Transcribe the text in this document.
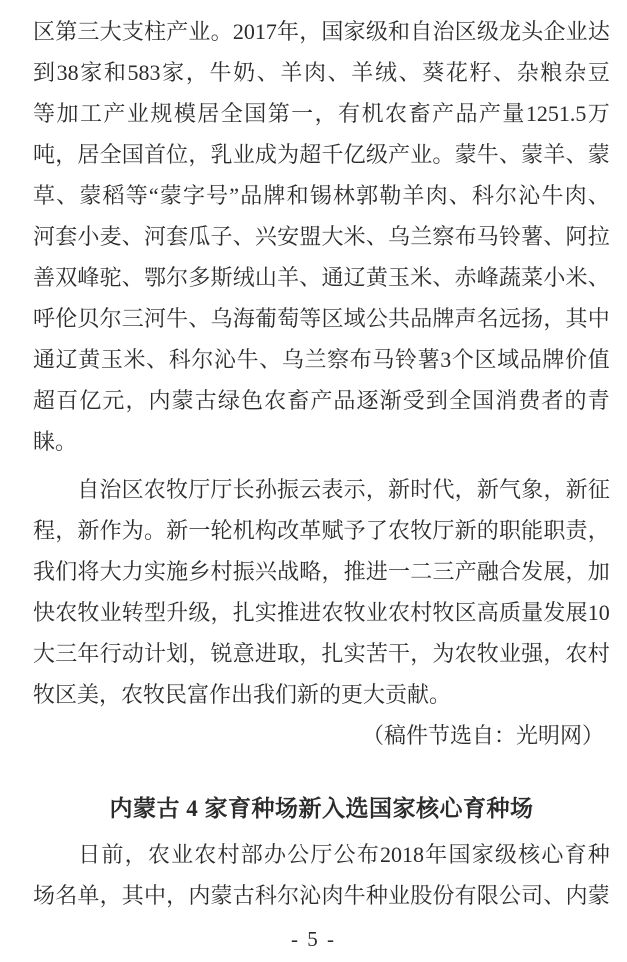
区 第 三 大 支 柱 产 业 。 2017 年 ， 国 家 级 和 自 治 区 级 龙 头 企 业 达
到 38 家 和 583 家 ， 牛 奶 、 羊 肉 、 羊 绒 、 葵 花 籽 、 杂 粮 杂 豆
等 加 工 产 业 规 模 居 全 国 第 一 ， 有 机 农 畜 产 品 产 量 1251.5 万
吨 ， 居 全 国 首 位 ， 乳 业 成 为 超 千 亿 级 产 业 。 蒙 牛 、 蒙 羊 、 蒙
草 、 蒙 稻 等 “ 蒙 字 号 ” 品 牌 和 锡 林 郭 勒 羊 肉 、 科 尔 沁 牛 肉 、
河 套 小 麦 、 河 套 瓜 子 、 兴 安 盟 大 米 、 乌 兰 察 布 马 铃 薯 、 阿 拉
善 双 峰 驼 、 鄂 尔 多 斯 绒 山 羊 、 通 辽 黄 玉 米 、 赤 峰 蔬 菜 小 米 、
呼 伦 贝 尔 三 河 牛 、 乌 海 葡 萄 等 区 域 公 共 品 牌 声 名 远 扬 ， 其 中
通 辽 黄 玉 米 、 科 尔 沁 牛 、 乌 兰 察 布 马 铃 薯 3 个 区 域 品 牌 价 值
超 百 亿 元 ， 内 蒙 古 绿 色 农 畜 产 品 逐 渐 受 到 全 国 消 费 者 的 青
睐。
自 治 区 农 牧 厅 厅 长 孙 振 云 表 示 ， 新 时 代 ， 新 气 象 ， 新 征
程 ， 新 作 为 。 新 一 轮 机 构 改 革 赋 予 了 农 牧 厅 新 的 职 能 职 责 ，
我 们 将 大 力 实 施 乡 村 振 兴 战 略 ， 推 进 一 二 三 产 融 合 发 展 ， 加
快 农 牧 业 转 型 升 级 ， 扎 实 推 进 农 牧 业 农 村 牧 区 高 质 量 发 展 10
大 三 年 行 动 计 划 ， 锐 意 进 取 ， 扎 实 苦 干 ， 为 农 牧 业 强 ， 农 村
牧区美，农牧民富作出我们新的更大贡献。
（稿件节选自：光明网）
内蒙古 4 家育种场新入选国家核心育种场
日 前 ， 农 业 农 村 部 办 公 厅 公 布 2018 年 国 家 级 核 心 育 种
场 名 单 ， 其 中 ， 内 蒙 古 科 尔 沁 肉 牛 种 业 股 份 有 限 公 司 、 内 蒙
- 5 -
